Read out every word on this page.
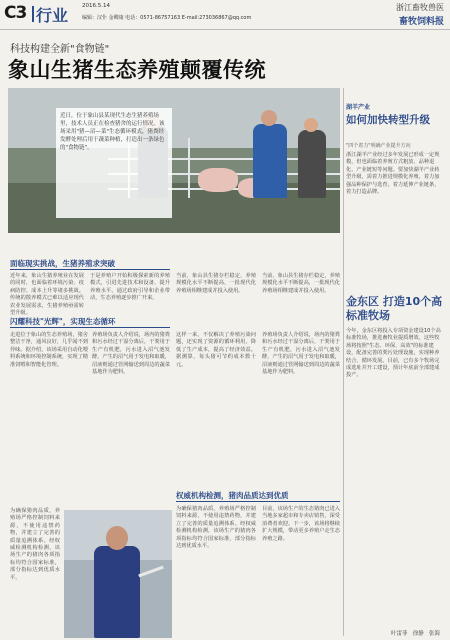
C3 行业	2016.5.14
编辑：汉仆 金卿康 电话：0571-86757163 E-mail:273036867@qq.com
浙江畜牧兽医
畜牧饲料报
科技构建全新"食物链"
象山生猪生态养殖颠覆传统
近日，位于象山县某现代生态生猪养殖场里，技术人员正在检查猪舍的运行情况。该场采用"猪—沼—菜"生态循环模式，猪粪经发酵处理后用于蔬菜种植，打造出一条绿色的"食物链"。
湖羊产业
如何加快转型升级
"四个着力"明确产业提升方向
浙江湖羊产业经过多年发展已形成一定规模，但也面临着养殖方式粗放、品种退化、产业链短等问题。要加快湖羊产业转型升级，需着力推进规模化养殖，着力加强品种保护与选育，着力延伸产业链条，着力打造品牌。
金东区 打造10个高标准牧场
今年，金东区将投入专项资金建设10个高标准牧场，推进畜牧业提质增效。这些牧场将按照"生态、环保、高效"的标准建设，配备完善的粪污处理设施，实现种养结合、循环发展。目前，已有多个牧场完成选址并开工建设，预计年底前全部建成投产。
面临现实挑战，生猪养殖求突破
闪耀科技"光辉"，实现生态循环
权威机构检测，猪肉品质达到优质
近年来，象山生猪养殖业在发展的同时，也面临着环境污染、疫病防控、成本上升等诸多挑战。传统的散养模式已难以适应现代农业发展需求，生猪养殖亟需转型升级。
于是养殖户开始积极探索新的养殖模式，引进先进技术和设备，提升养殖水平。通过政府引导和企业带动，生态养殖逐步推广开来。
当前，象山县生猪存栏稳定，养殖规模化水平不断提高，一批现代化养殖场相继建成并投入使用。
当前，象山县生猪存栏稳定，养殖规模化水平不断提高，一批现代化养殖场相继建成并投入使用。
走进位于象山的生态养殖场，猪舍整洁干净，通风良好，几乎闻不到异味。据介绍，该场采用自动化喂料系统和环境控制系统，实现了精准饲喂和智能化管理。
养殖场负责人介绍说，场内的猪粪和污水经过干湿分离后，干粪用于生产有机肥，污水进入沼气池发酵，产生的沼气用于发电和取暖，沼液则通过管网输送到周边的蔬菜基地作为肥料。
这样一来，不仅解决了养殖污染问题，还实现了资源的循环利用，降低了生产成本，提高了经济效益。据测算，每头猪可节约成本数十元。
养殖场负责人介绍说，场内的猪粪和污水经过干湿分离后，干粪用于生产有机肥，污水进入沼气池发酵，产生的沼气用于发电和取暖，沼液则通过管网输送到周边的蔬菜基地作为肥料。
为确保猪肉品质，养殖场严格控制饲料来源，不使用违禁药物，并建立了完善的质量追溯体系。经权威检测机构检测，该场生产的猪肉各项指标均符合国家标准，部分指标达到优质水平。
为确保猪肉品质，养殖场严格控制饲料来源，不使用违禁药物，并建立了完善的质量追溯体系。经权威检测机构检测，该场生产的猪肉各项指标均符合国家标准，部分指标达到优质水平。
目前，该场生产的生态猪肉已进入当地多家超市和专卖店销售，深受消费者欢迎。下一步，该场将继续扩大规模，带动更多养殖户走生态养殖之路。
叶雷菲 徐静 张海
